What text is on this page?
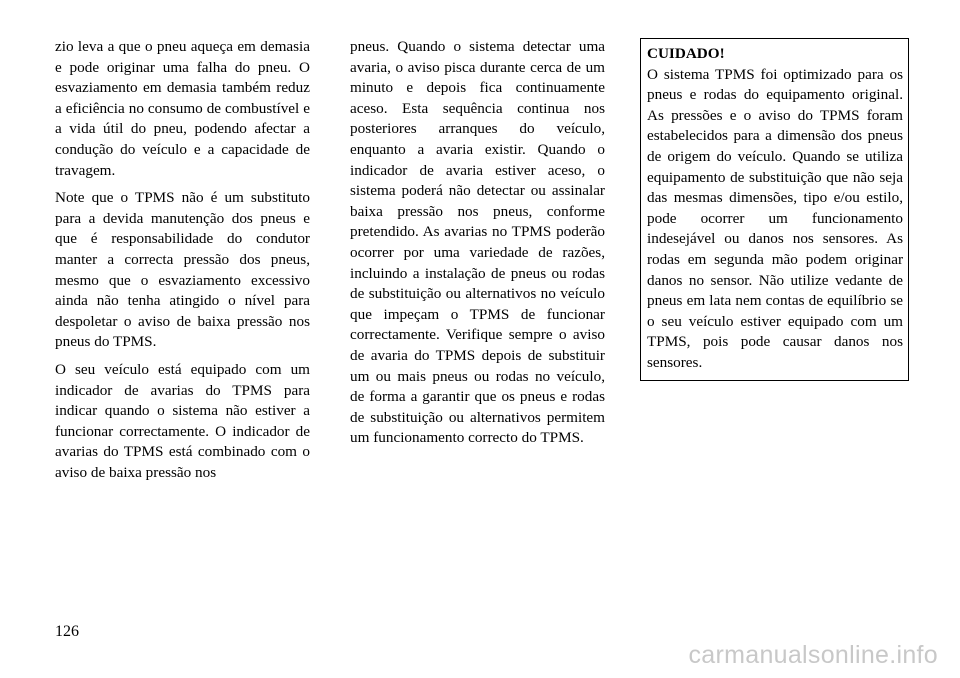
zio leva a que o pneu aqueça em demasia e pode originar uma falha do pneu. O esvaziamento em demasia também reduz a eficiência no consumo de combustível e a vida útil do pneu, podendo afectar a condução do veículo e a capacidade de travagem.

Note que o TPMS não é um substituto para a devida manutenção dos pneus e que é responsabilidade do condutor manter a correcta pressão dos pneus, mesmo que o esvaziamento excessivo ainda não tenha atingido o nível para despoletar o aviso de baixa pressão nos pneus do TPMS.

O seu veículo está equipado com um indicador de avarias do TPMS para indicar quando o sistema não estiver a funcionar correctamente. O indicador de avarias do TPMS está combinado com o aviso de baixa pressão nos

pneus. Quando o sistema detectar uma avaria, o aviso pisca durante cerca de um minuto e depois fica continuamente aceso. Esta sequência continua nos posteriores arranques do veículo, enquanto a avaria existir. Quando o indicador de avaria estiver aceso, o sistema poderá não detectar ou assinalar baixa pressão nos pneus, conforme pretendido. As avarias no TPMS poderão ocorrer por uma variedade de razões, incluindo a instalação de pneus ou rodas de substituição ou alternativos no veículo que impeçam o TPMS de funcionar correctamente. Verifique sempre o aviso de avaria do TPMS depois de substituir um ou mais pneus ou rodas no veículo, de forma a garantir que os pneus e rodas de substituição ou alternativos permitem um funcionamento correcto do TPMS.

CUIDADO!
O sistema TPMS foi optimizado para os pneus e rodas do equipamento original. As pressões e o aviso do TPMS foram estabelecidos para a dimensão dos pneus de origem do veículo. Quando se utiliza equipamento de substituição que não seja das mesmas dimensões, tipo e/ou estilo, pode ocorrer um funcionamento indesejável ou danos nos sensores. As rodas em segunda mão podem originar danos no sensor. Não utilize vedante de pneus em lata nem contas de equilíbrio se o seu veículo estiver equipado com um TPMS, pois pode causar danos nos sensores.
126
carmanualsonline.info
